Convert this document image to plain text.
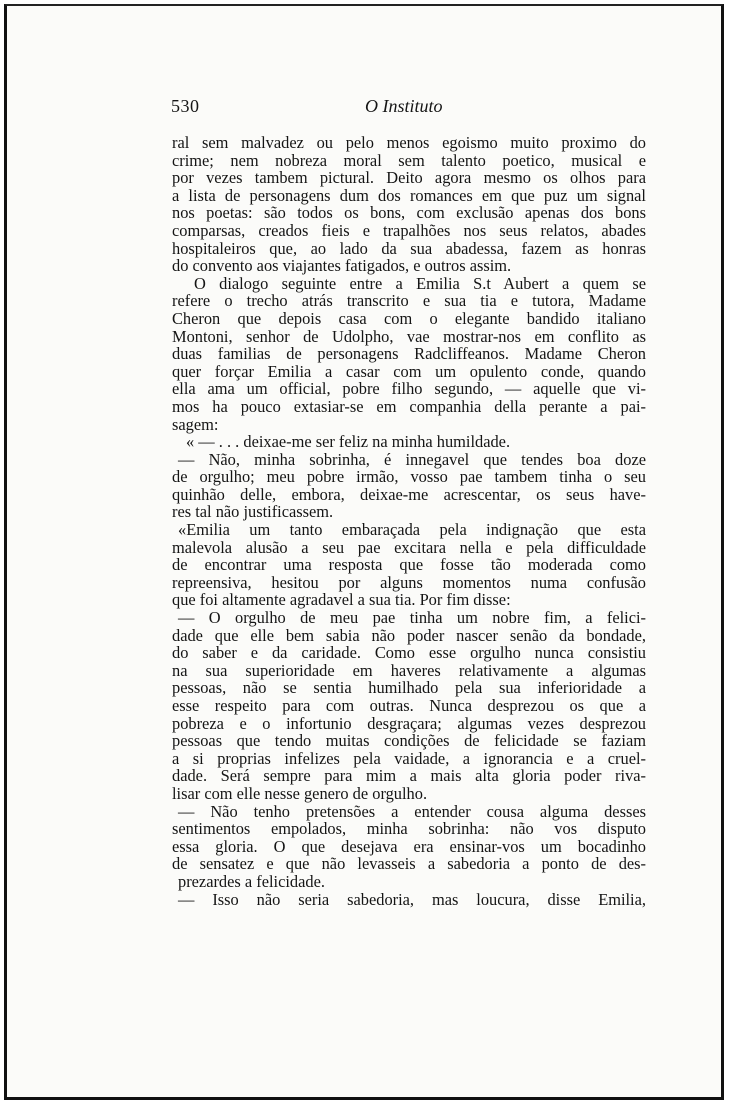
530	O Instituto
ral sem malvadez ou pelo menos egoismo muito proximo do
crime; nem nobreza moral sem talento poetico, musical e
por vezes tambem pictural. Deito agora mesmo os olhos para
a lista de personagens dum dos romances em que puz um signal
nos poetas: são todos os bons, com exclusão apenas dos bons
comparsas, creados fieis e trapalhões nos seus relatos, abades
hospitaleiros que, ao lado da sua abadessa, fazem as honras
do convento aos viajantes fatigados, e outros assim.
O dialogo seguinte entre a Emilia S.t Aubert a quem se
refere o trecho atrás transcrito e sua tia e tutora, Madame
Cheron que depois casa com o elegante bandido italiano
Montoni, senhor de Udolpho, vae mostrar-nos em conflito as
duas familias de personagens Radcliffeanos. Madame Cheron
quer forçar Emilia a casar com um opulento conde, quando
ella ama um official, pobre filho segundo, — aquelle que vi-
mos ha pouco extasiar-se em companhia della perante a pai-
sagem:
« — . . . deixae-me ser feliz na minha humildade.
— Não, minha sobrinha, é innegavel que tendes boa doze
de orgulho; meu pobre irmão, vosso pae tambem tinha o seu
quinhão delle, embora, deixae-me acrescentar, os seus have-
res tal não justificassem.
«Emilia um tanto embaraçada pela indignação que esta
malevola alusão a seu pae excitara nella e pela difficuldade
de encontrar uma resposta que fosse tão moderada como
repreensiva, hesitou por alguns momentos numa confusão
que foi altamente agradavel a sua tia. Por fim disse:
— O orgulho de meu pae tinha um nobre fim, a felici-
dade que elle bem sabia não poder nascer senão da bondade,
do saber e da caridade. Como esse orgulho nunca consistiu
na sua superioridade em haveres relativamente a algumas
pessoas, não se sentia humilhado pela sua inferioridade a
esse respeito para com outras. Nunca desprezou os que a
pobreza e o infortunio desgraçara; algumas vezes desprezou
pessoas que tendo muitas condições de felicidade se faziam
a si proprias infelizes pela vaidade, a ignorancia e a cruel-
dade. Será sempre para mim a mais alta gloria poder riva-
lisar com elle nesse genero de orgulho.
— Não tenho pretensões a entender cousa alguma desses
sentimentos empolados, minha sobrinha: não vos disputo
essa gloria. O que desejava era ensinar-vos um bocadinho
de sensatez e que não levasseis a sabedoria a ponto de des-
prezardes a felicidade.
— Isso não seria sabedoria, mas loucura, disse Emilia,
